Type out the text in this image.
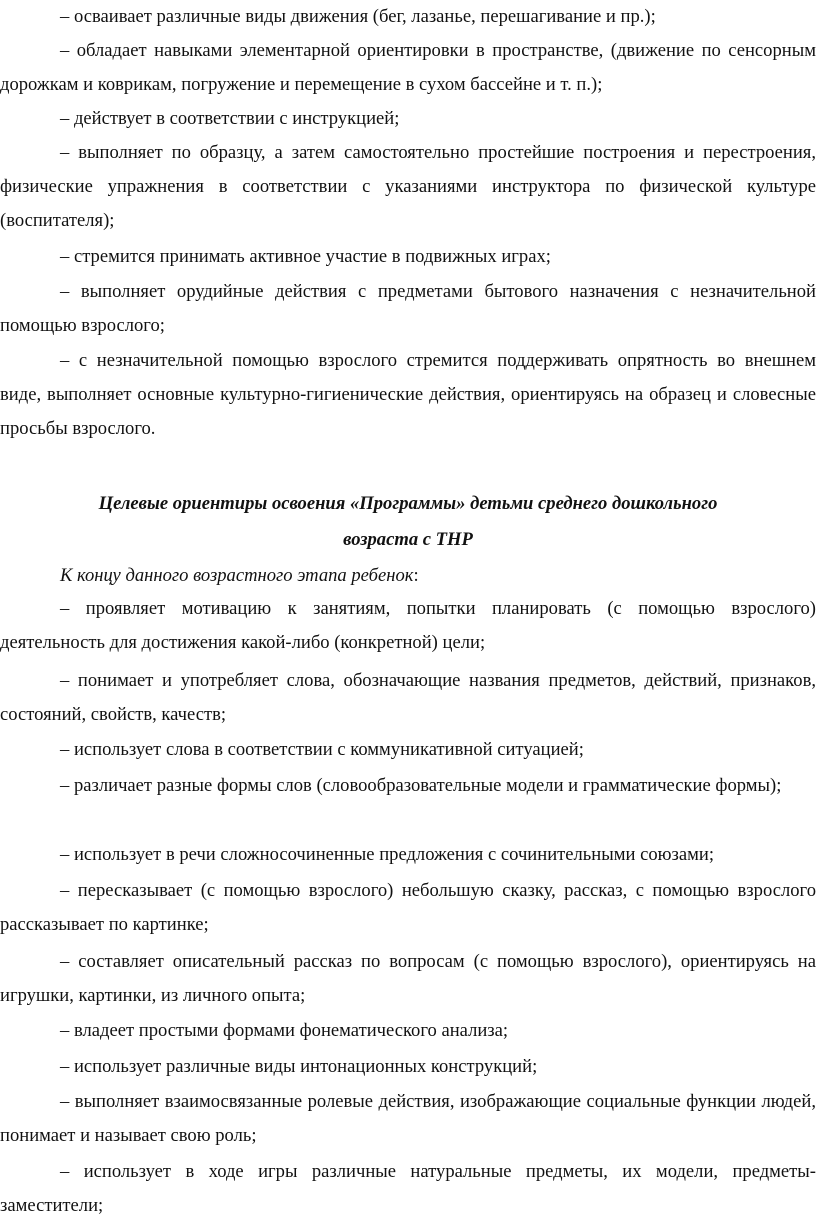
– осваивает различные виды движения (бег, лазанье, перешагивание и пр.);

– обладает навыками элементарной ориентировки в пространстве, (движение по сенсорным дорожкам и коврикам, погружение и перемещение в сухом бассейне и т. п.);

– действует в соответствии с инструкцией;

– выполняет по образцу, а затем самостоятельно простейшие построения и перестроения, физические упражнения в соответствии с указаниями инструктора по физической культуре (воспитателя);

– стремится принимать активное участие в подвижных играх;

– выполняет орудийные действия с предметами бытового назначения с незначительной помощью взрослого;

– с незначительной помощью взрослого стремится поддерживать опрятность во внешнем виде, выполняет основные культурно-гигиенические действия, ориентируясь на образец и словесные просьбы взрослого.

Целевые ориентиры освоения «Программы» детьми среднего дошкольного
возраста с ТНР

К концу данного возрастного этапа ребенок:

– проявляет мотивацию к занятиям, попытки планировать (с помощью взрослого) деятельность для достижения какой-либо (конкретной) цели;

– понимает и употребляет слова, обозначающие названия предметов, действий, признаков, состояний, свойств, качеств;

– использует слова в соответствии с коммуникативной ситуацией;

– различает разные формы слов (словообразовательные модели и грамматические формы);

– использует в речи сложносочиненные предложения с сочинительными союзами;

– пересказывает (с помощью взрослого) небольшую сказку, рассказ, с помощью взрослого рассказывает по картинке;

– составляет описательный рассказ по вопросам (с помощью взрослого), ориентируясь на игрушки, картинки, из личного опыта;

– владеет простыми формами фонематического анализа;

– использует различные виды интонационных конструкций;

– выполняет взаимосвязанные ролевые действия, изображающие социальные функции людей, понимает и называет свою роль;

– использует в ходе игры различные натуральные предметы, их модели, предметы-заместители;
